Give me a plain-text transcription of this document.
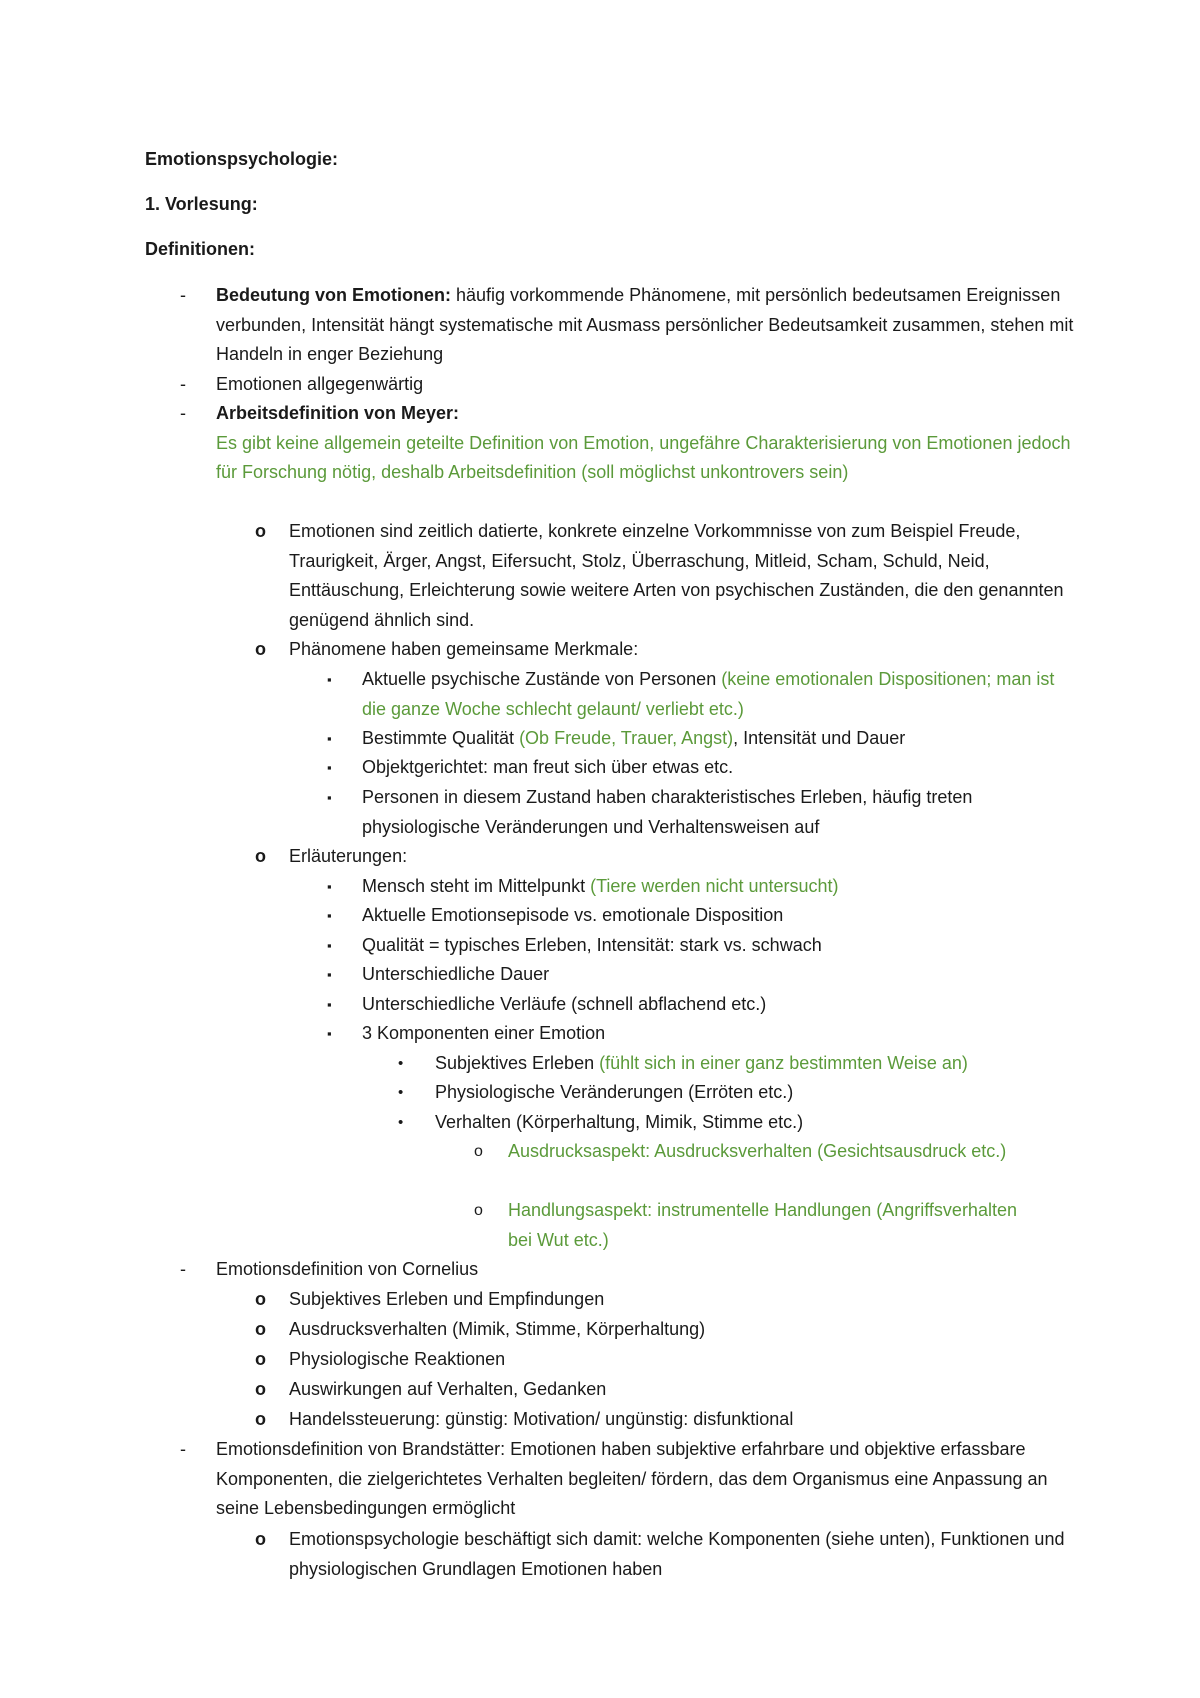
Emotionspsychologie:

1. Vorlesung:

Definitionen:

- Bedeutung von Emotionen: häufig vorkommende Phänomene, mit persönlich bedeutsamen Ereignissen verbunden, Intensität hängt systematische mit Ausmass persönlicher Bedeutsamkeit zusammen, stehen mit Handeln in enger Beziehung
- Emotionen allgegenwärtig
- Arbeitsdefinition von Meyer:
Es gibt keine allgemein geteilte Definition von Emotion, ungefähre Charakterisierung von Emotionen jedoch für Forschung nötig, deshalb Arbeitsdefinition (soll möglichst unkontrovers sein)
o Emotionen sind zeitlich datierte, konkrete einzelne Vorkommnisse von zum Beispiel Freude, Traurigkeit, Ärger, Angst, Eifersucht, Stolz, Überraschung, Mitleid, Scham, Schuld, Neid, Enttäuschung, Erleichterung sowie weitere Arten von psychischen Zuständen, die den genannten genügend ähnlich sind.
o Phänomene haben gemeinsame Merkmale:
▪ Aktuelle psychische Zustände von Personen (keine emotionalen Dispositionen; man ist die ganze Woche schlecht gelaunt/ verliebt etc.)
▪ Bestimmte Qualität (Ob Freude, Trauer, Angst), Intensität und Dauer
▪ Objektgerichtet: man freut sich über etwas etc.
▪ Personen in diesem Zustand haben charakteristisches Erleben, häufig treten physiologische Veränderungen und Verhaltensweisen auf
o Erläuterungen:
▪ Mensch steht im Mittelpunkt (Tiere werden nicht untersucht)
▪ Aktuelle Emotionsepisode vs. emotionale Disposition
▪ Qualität = typisches Erleben, Intensität: stark vs. schwach
▪ Unterschiedliche Dauer
▪ Unterschiedliche Verläufe (schnell abflachend etc.)
▪ 3 Komponenten einer Emotion
• Subjektives Erleben (fühlt sich in einer ganz bestimmten Weise an)
• Physiologische Veränderungen (Erröten etc.)
• Verhalten (Körperhaltung, Mimik, Stimme etc.)
o Ausdrucksaspekt: Ausdrucksverhalten (Gesichtsausdruck etc.)
o Handlungsaspekt: instrumentelle Handlungen (Angriffsverhalten bei Wut etc.)
- Emotionsdefinition von Cornelius
o Subjektives Erleben und Empfindungen
o Ausdrucksverhalten (Mimik, Stimme, Körperhaltung)
o Physiologische Reaktionen
o Auswirkungen auf Verhalten, Gedanken
o Handelssteuerung: günstig: Motivation/ ungünstig: disfunktional
- Emotionsdefinition von Brandstätter: Emotionen haben subjektive erfahrbare und objektive erfassbare Komponenten, die zielgerichtetes Verhalten begleiten/ fördern, das dem Organismus eine Anpassung an seine Lebensbedingungen ermöglicht
o Emotionspsychologie beschäftigt sich damit: welche Komponenten (siehe unten), Funktionen und physiologischen Grundlagen Emotionen haben
